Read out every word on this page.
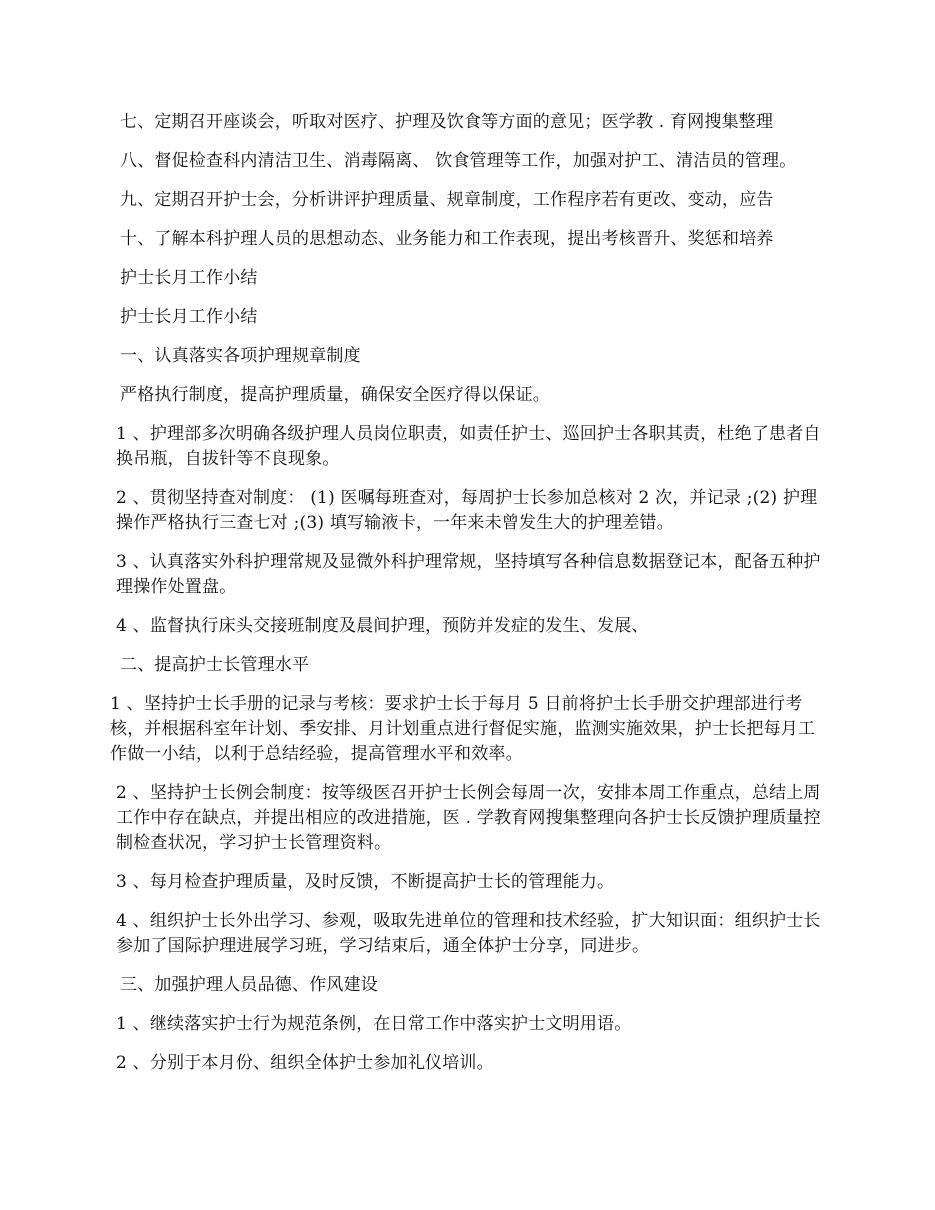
七、定期召开座谈会，听取对医疗、护理及饮食等方面的意见；医学教 . 育网搜集整理

八、督促检查科内清洁卫生、消毒隔离、 饮食管理等工作，加强对护工、清洁员的管理。

九、定期召开护士会，分析讲评护理质量、规章制度，工作程序若有更改、变动，应告

十、了解本科护理人员的思想动态、业务能力和工作表现，提出考核晋升、奖惩和培养

护士长月工作小结

护士长月工作小结

一、认真落实各项护理规章制度

严格执行制度，提高护理质量，确保安全医疗得以保证。

1 、护理部多次明确各级护理人员岗位职责，如责任护士、巡回护士各职其责，杜绝了患者自换吊瓶，自拔针等不良现象。

2 、贯彻坚持查对制度： (1) 医嘱每班查对，每周护士长参加总核对 2 次，并记录 ;(2) 护理操作严格执行三查七对 ;(3) 填写输液卡，一年来未曾发生大的护理差错。

3 、认真落实外科护理常规及显微外科护理常规，坚持填写各种信息数据登记本，配备五种护理操作处置盘。

4 、监督执行床头交接班制度及晨间护理，预防并发症的发生、发展、

二、提高护士长管理水平

1 、坚持护士长手册的记录与考核：要求护士长于每月 5 日前将护士长手册交护理部进行考核，并根据科室年计划、季安排、月计划重点进行督促实施，监测实施效果，护士长把每月工作做一小结，以利于总结经验，提高管理水平和效率。

2 、坚持护士长例会制度：按等级医召开护士长例会每周一次，安排本周工作重点，总结上周工作中存在缺点，并提出相应的改进措施，医 . 学教育网搜集整理向各护士长反馈护理质量控制检查状况，学习护士长管理资料。

3 、每月检查护理质量，及时反馈，不断提高护士长的管理能力。

4 、组织护士长外出学习、参观，吸取先进单位的管理和技术经验，扩大知识面：组织护士长参加了国际护理进展学习班，学习结束后，通全体护士分享，同进步。

三、加强护理人员品德、作风建设

1 、继续落实护士行为规范条例，在日常工作中落实护士文明用语。

2 、分别于本月份、组织全体护士参加礼仪培训。
